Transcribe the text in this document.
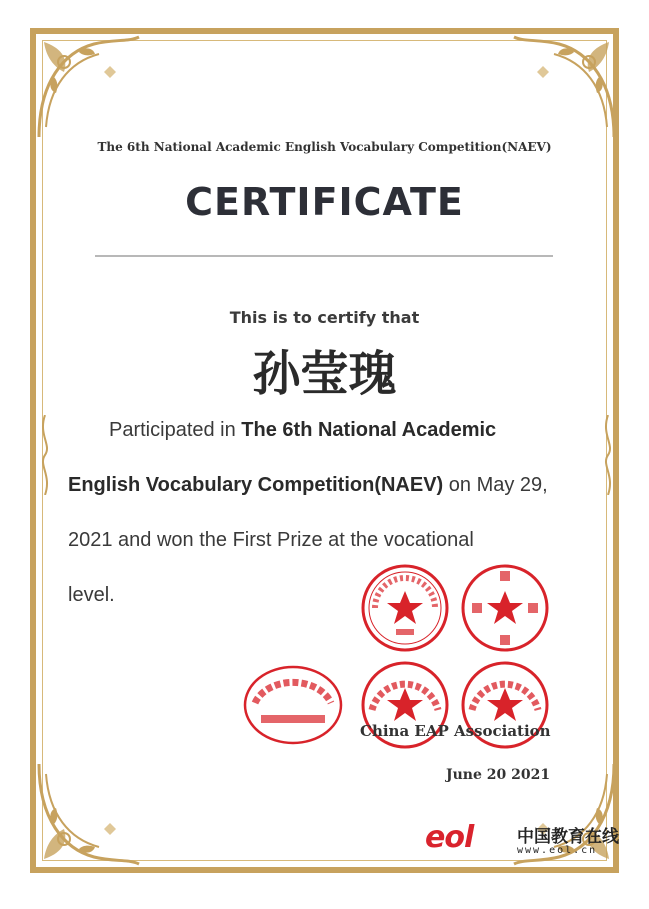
The 6th National Academic English Vocabulary Competition(NAEV)
CERTIFICATE
This is to certify that
孙莹瑰
Participated in The 6th National Academic
English Vocabulary Competition(NAEV) on May 29,
2021 and won the First Prize at the vocational
level.
China EAP Association
June 20 2021
eol	中国教育在线
www.eol.cn
